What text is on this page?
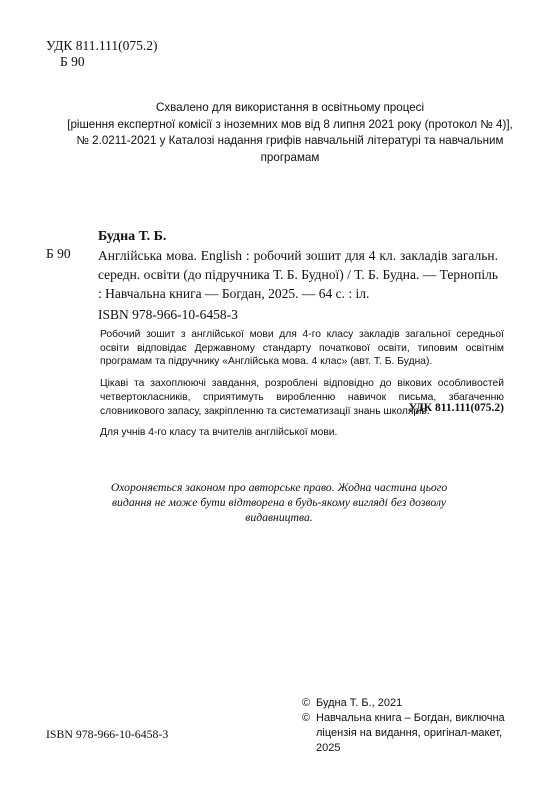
УДК 811.111(075.2)
Б 90
Схвалено для використання в освітньому процесі
[рішення експертної комісії з іноземних мов від 8 липня 2021 року (протокол № 4)],
№ 2.0211-2021 у Каталозі надання грифів навчальній літературі та навчальним програмам
Будна Т. Б.
Б 90 Англійська мова. English : робочий зошит для 4 кл. закладів загальн. середн. освіти (до підручника Т. Б. Будної) / Т. Б. Будна. — Тернопіль : Навчальна книга — Богдан, 2025. — 64 с. : іл.
ISBN 978-966-10-6458-3

Робочий зошит з англійської мови для 4-го класу закладів загальної середньої освіти відповідає Державному стандарту початкової освіти, типовим освітнім програмам та підручнику «Англійська мова. 4 клас» (авт. Т. Б. Будна).

Цікаві та захоплюючі завдання, розроблені відповідно до вікових особливостей четвертокласників, сприятимуть виробленню навичок письма, збагаченню словникового запасу, закріпленню та систематизації знань школярів.

Для учнів 4-го класу та вчителів англійської мови.

УДК 811.111(075.2)
Охороняється законом про авторське право. Жодна частина цього видання не може бути відтворена в будь-якому вигляді без дозволу видавництва.
ISBN 978-966-10-6458-3
© Будна Т. Б., 2021
© Навчальна книга – Богдан, виключна ліцензія на видання, оригінал-макет, 2025
